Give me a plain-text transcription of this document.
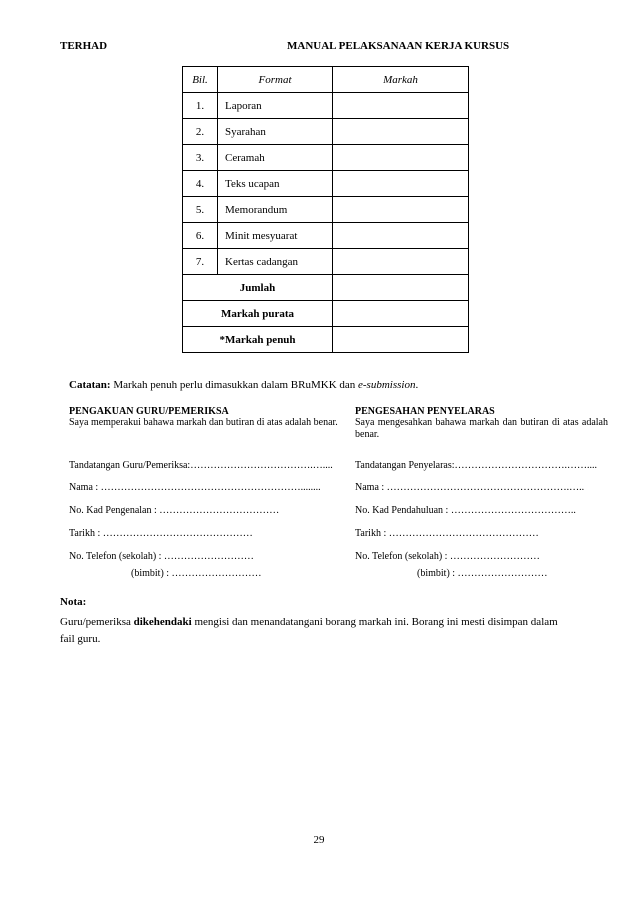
TERHAD	MANUAL PELAKSANAAN KERJA KURSUS
Bil.	Format	Markah
1.	Laporan	
2.	Syarahan	
3.	Ceramah	
4.	Teks ucapan	
5.	Memorandum	
6.	Minit mesyuarat	
7.	Kertas cadangan	
Jumlah		
Markah purata		
*Markah penuh		
Catatan: Markah penuh perlu dimasukkan dalam BRuMKK dan e-submission.
PENGAKUAN GURU/PEMERIKSA
Saya memperakui bahawa markah dan butiran di atas adalah benar.
Tandatangan Guru/Pemeriksa:……………………………….…....
Nama : ……………………………………………………........
No. Kad Pengenalan : ………………………………
Tarikh : ………………………………………
No. Telefon (sekolah) : ………………………
(bimbit) : ………………………
PENGESAHAN PENYELARAS
Saya mengesahkan bahawa markah dan butiran di atas adalah benar.
Tandatangan Penyelaras:…………………………….……....
Nama : ……………………………………………….…..
No. Kad Pendahuluan : ………………………………..
Tarikh : ………………………………………
No. Telefon (sekolah) : ………………………
(bimbit) : ………………………
Nota:
Guru/pemeriksa dikehendaki mengisi dan menandatangani borang markah ini. Borang ini mesti disimpan dalam fail guru.
29
